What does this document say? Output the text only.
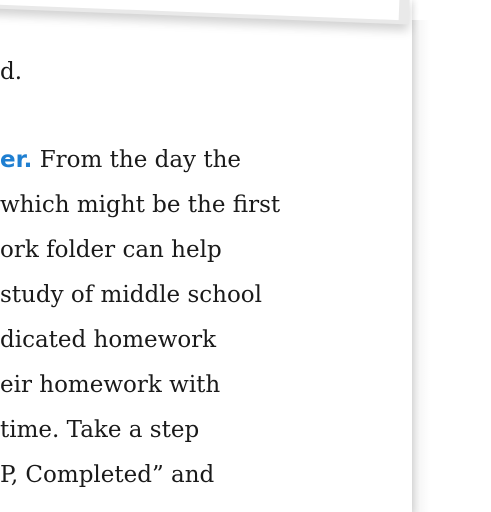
d.
er. From the day the
which might be the first
ork folder can help
study of middle school
dicated homework
eir homework with
time. Take a step
P, Completed” and
